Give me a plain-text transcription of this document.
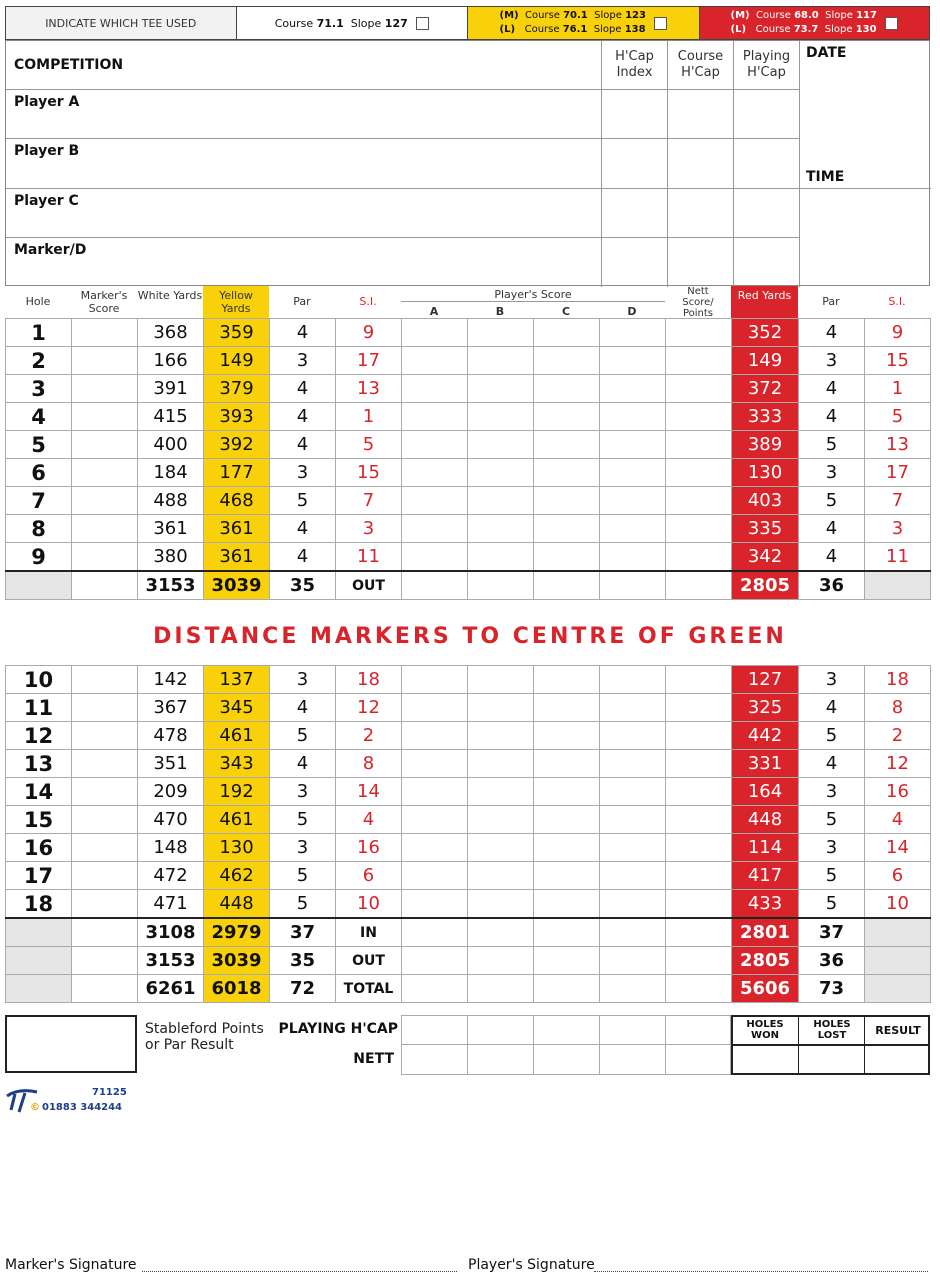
INDICATE WHICH TEE USED	Course
71.1
Slope
127
(M) Course 70.1 Slope 123
(L) Course 76.1 Slope 138
(M) Course 68.0 Slope 117
(L) Course 73.7 Slope 130
COMPETITION
H'Cap Index
Course H'Cap
Playing H'Cap
DATE
TIME
Player A
Player B
Player C
Marker/D
Hole	Marker's Score
White Yards	Yellow Yards
Par	S.I.
Player's Score
A	B	C	D
Nett Score/ Points
Red Yards	Par	S.I.
1		368	359	4	9						352	4	9
2		166	149	3	17						149	3	15
3		391	379	4	13						372	4	1
4		415	393	4	1						333	4	5
5		400	392	4	5						389	5	13
6		184	177	3	15						130	3	17
7		488	468	5	7						403	5	7
8		361	361	4	3						335	4	3
9		380	361	4	11						342	4	11
		3153	3039	35	OUT						2805	36	
DISTANCE MARKERS TO CENTRE OF GREEN
10		142	137	3	18						127	3	18
11		367	345	4	12						325	4	8
12		478	461	5	2						442	5	2
13		351	343	4	8						331	4	12
14		209	192	3	14						164	3	16
15		470	461	5	4						448	5	4
16		148	130	3	16						114	3	14
17		472	462	5	6						417	5	6
18		471	448	5	10						433	5	10
		3108	2979	37	IN						2801	37	
		3153	3039	35	OUT						2805	36	
		6261	6018	72	TOTAL						5606	73	
Stableford Points or Par Result
PLAYING H'CAP
NETT
HOLES WON
HOLES LOST	RESULT
71125
© 01883 344244
Marker's Signature	Player's Signature
